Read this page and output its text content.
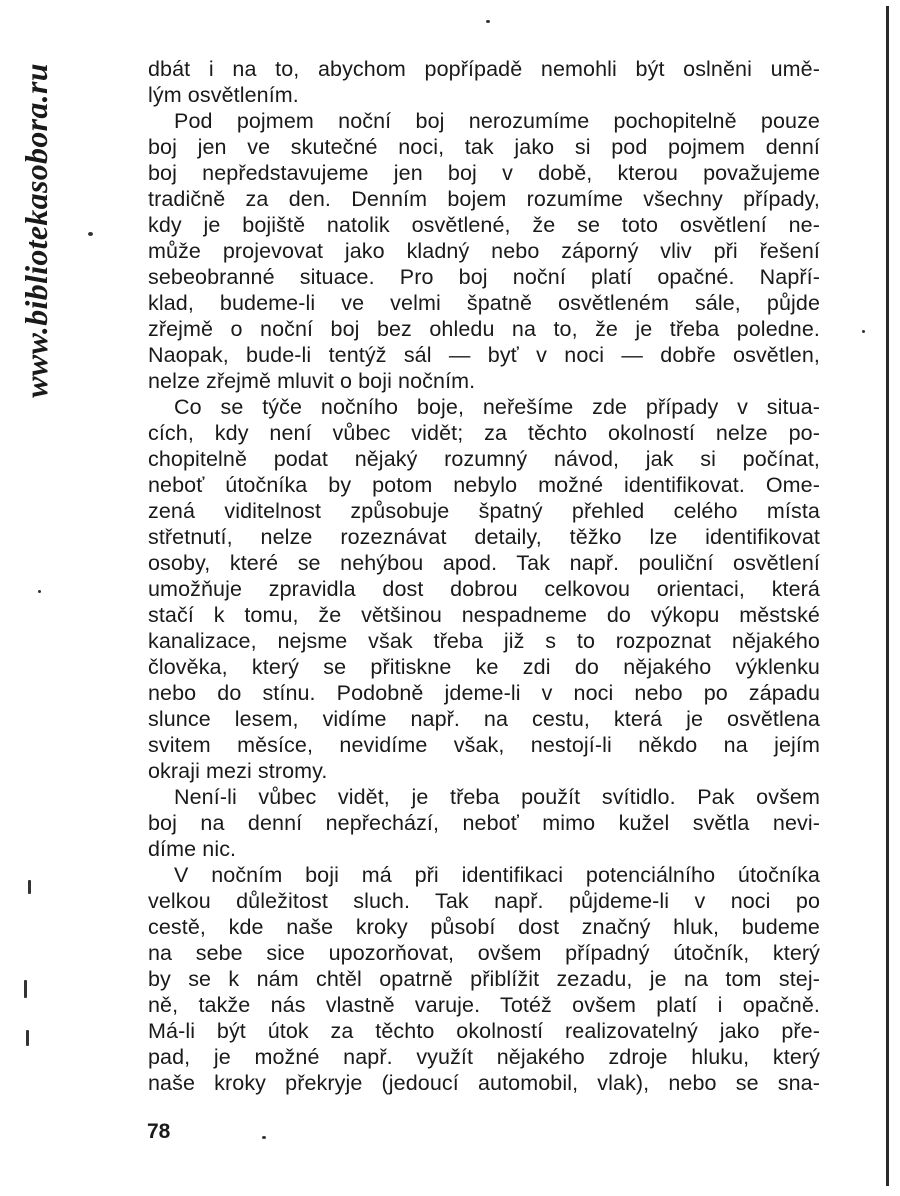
www.bibliotekasobora.ru	dbát i na to, abychom popřípadě nemohli být oslněni umě-
lým osvětlením.
Pod pojmem noční boj nerozumíme pochopitelně pouze
boj jen ve skutečné noci, tak jako si pod pojmem denní
boj nepředstavujeme jen boj v době, kterou považujeme
tradičně za den. Denním bojem rozumíme všechny případy,
kdy je bojiště natolik osvětlené, že se toto osvětlení ne-
může projevovat jako kladný nebo záporný vliv při řešení
sebeobranné situace. Pro boj noční platí opačné. Napří-
klad, budeme-li ve velmi špatně osvětleném sále, půjde
zřejmě o noční boj bez ohledu na to, že je třeba poledne.
Naopak, bude-li tentýž sál — byť v noci — dobře osvětlen,
nelze zřejmě mluvit o boji nočním.
Co se týče nočního boje, neřešíme zde případy v situa-
cích, kdy není vůbec vidět; za těchto okolností nelze po-
chopitelně podat nějaký rozumný návod, jak si počínat,
neboť útočníka by potom nebylo možné identifikovat. Ome-
zená viditelnost způsobuje špatný přehled celého místa
střetnutí, nelze rozeznávat detaily, těžko lze identifikovat
osoby, které se nehýbou apod. Tak např. pouliční osvětlení
umožňuje zpravidla dost dobrou celkovou orientaci, která
stačí k tomu, že většinou nespadneme do výkopu městské
kanalizace, nejsme však třeba již s to rozpoznat nějakého
člověka, který se přitiskne ke zdi do nějakého výklenku
nebo do stínu. Podobně jdeme-li v noci nebo po západu
slunce lesem, vidíme např. na cestu, která je osvětlena
svitem měsíce, nevidíme však, nestojí-li někdo na jejím
okraji mezi stromy.
Není-li vůbec vidět, je třeba použít svítidlo. Pak ovšem
boj na denní nepřechází, neboť mimo kužel světla nevi-
díme nic.
V nočním boji má při identifikaci potenciálního útočníka
velkou důležitost sluch. Tak např. půjdeme-li v noci po
cestě, kde naše kroky působí dost značný hluk, budeme
na sebe sice upozorňovat, ovšem případný útočník, který
by se k nám chtěl opatrně přiblížit zezadu, je na tom stej-
ně, takže nás vlastně varuje. Totéž ovšem platí i opačně.
Má-li být útok za těchto okolností realizovatelný jako pře-
pad, je možné např. využít nějakého zdroje hluku, který
naše kroky překryje (jedoucí automobil, vlak), nebo se sna-
78
